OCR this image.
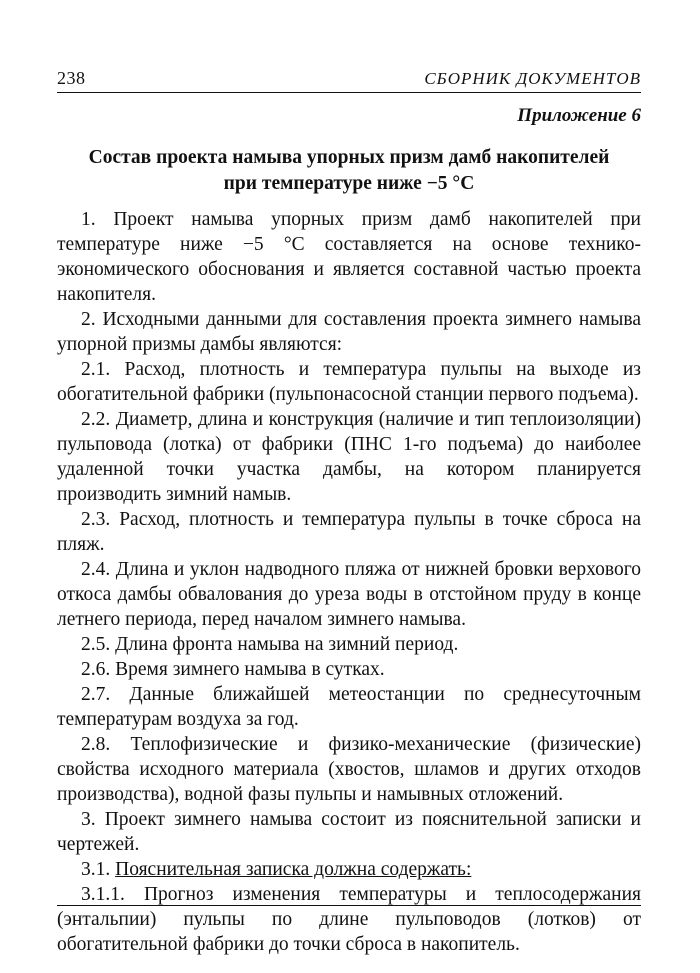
238	СБОРНИК ДОКУМЕНТОВ
Приложение 6
Состав проекта намыва упорных призм дамб накопителей
при температуре ниже −5 °С

1. Проект намыва упорных призм дамб накопителей при температуре ниже −5 °С составляется на основе технико-экономического обоснования и является составной частью проекта накопителя.

2. Исходными данными для составления проекта зимнего намыва упорной призмы дамбы являются:

2.1. Расход, плотность и температура пульпы на выходе из обогатительной фабрики (пульпонасосной станции первого подъема).

2.2. Диаметр, длина и конструкция (наличие и тип теплоизоляции) пульповода (лотка) от фабрики (ПНС 1-го подъема) до наиболее удаленной точки участка дамбы, на котором планируется производить зимний намыв.

2.3. Расход, плотность и температура пульпы в точке сброса на пляж.

2.4. Длина и уклон надводного пляжа от нижней бровки верхового откоса дамбы обвалования до уреза воды в отстойном пруду в конце летнего периода, перед началом зимнего намыва.

2.5. Длина фронта намыва на зимний период.

2.6. Время зимнего намыва в сутках.

2.7. Данные ближайшей метеостанции по среднесуточным температурам воздуха за год.

2.8. Теплофизические и физико-механические (физические) свойства исходного материала (хвостов, шламов и других отходов производства), водной фазы пульпы и намывных отложений.

3. Проект зимнего намыва состоит из пояснительной записки и чертежей.

3.1. Пояснительная записка должна содержать:

3.1.1. Прогноз изменения температуры и теплосодержания (энтальпии) пульпы по длине пульповодов (лотков) от обогатительной фабрики до точки сброса в накопитель.
